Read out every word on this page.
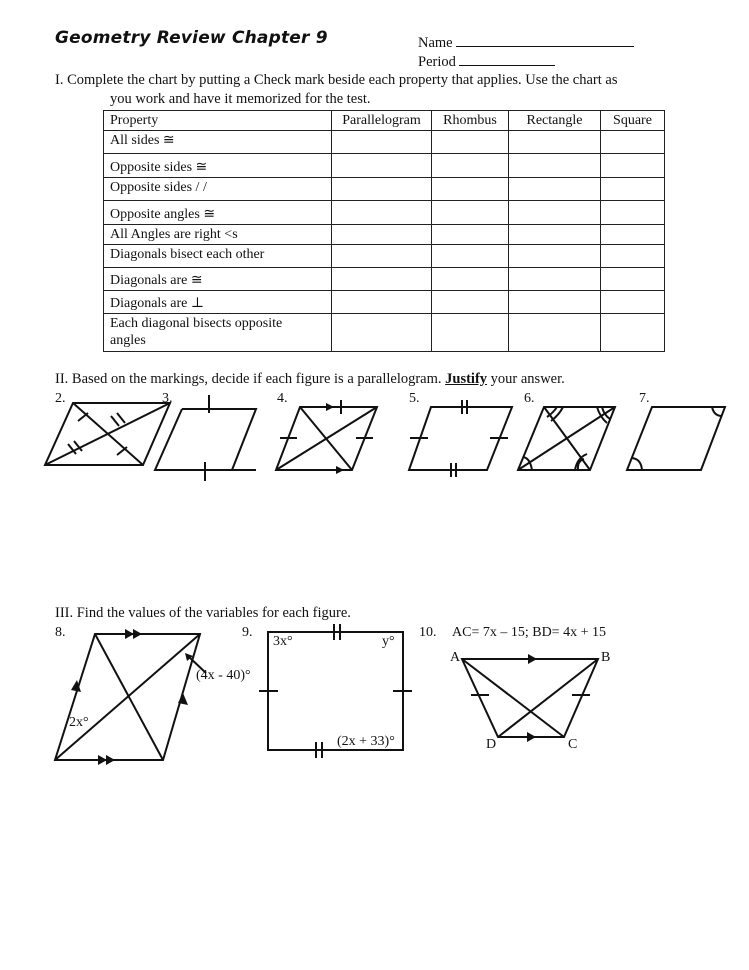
Geometry Review Chapter 9	Name
Period
I. Complete the chart by putting a Check mark beside each property that applies. Use the chart as
you work and have it memorized for the test.
Property	Parallelogram	Rhombus	Rectangle	Square
All sides ≅				
Opposite sides ≅				
Opposite sides / /				
Opposite angles ≅				
All Angles are right <s				
Diagonals bisect each other				
Diagonals are ≅				
Diagonals are ⊥				

Each diagonal bisects opposite
angles				

II. Based on the markings, decide if each figure is a parallelogram. Justify your answer.
2.	3.	4.	5.	6.	7.
III. Find the values of the variables for each figure.
8.
(4x - 40)°
2x°
9.
3x°	y°
(2x + 33)°
10. AC= 7x – 15; BD= 4x + 15
A	B
C
D
